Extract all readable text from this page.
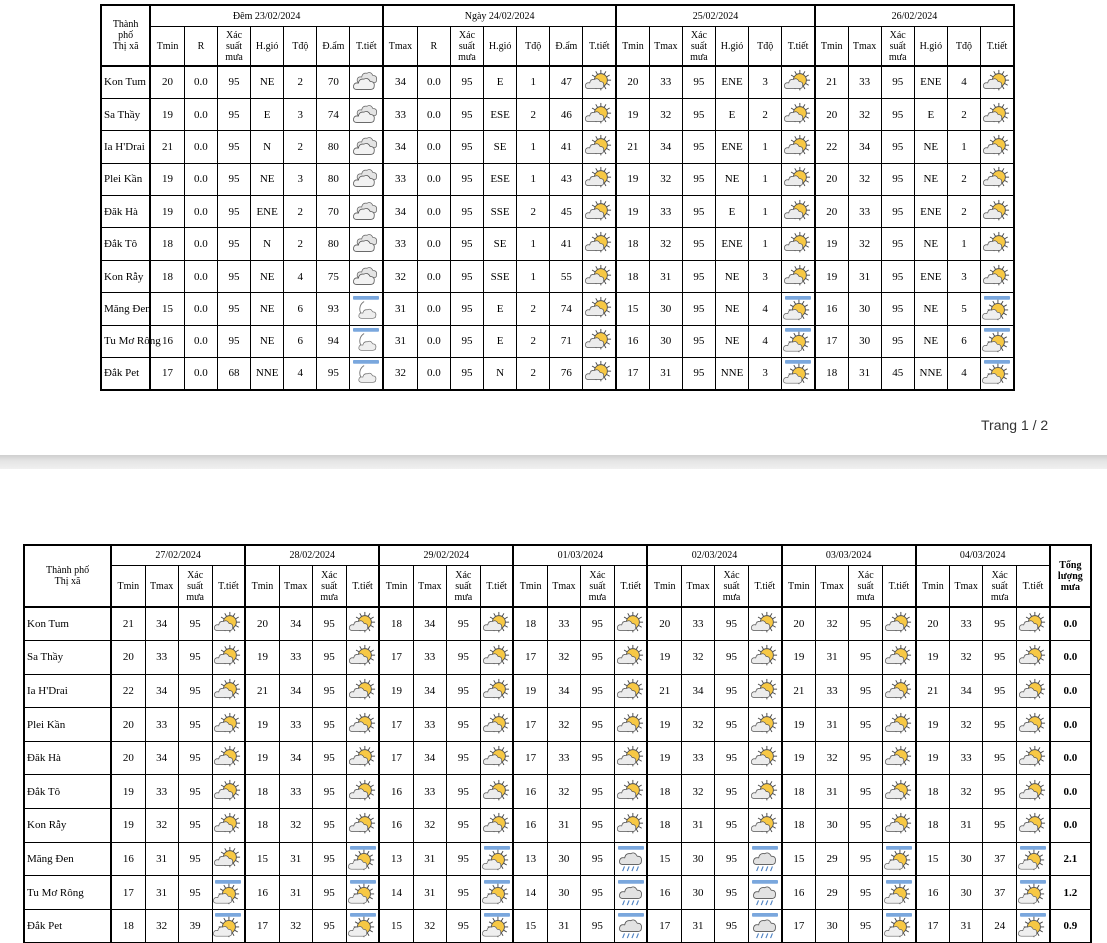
Thành
phố
Thị xã	Đêm 23/02/2024							Ngày 24/02/2024							25/02/2024						26/02/2024					
	Tmin	R	Xác suất mưa	H.gió	Tđộ	Đ.ẩm	T.tiết	Tmax	R	Xác suất mưa	H.gió	Tđộ	Đ.ẩm	T.tiết	Tmin	Tmax	Xác suất mưa	H.gió	Tđộ	T.tiết	Tmin	Tmax	Xác suất mưa	H.gió	Tđộ	T.tiết
Kon Tum	20	0.0	95	NE	2	70		34	0.0	95	E	1	47		20	33	95	ENE	3		21	33	95	ENE	4	

Sa Thầy	19	0.0	95	E	3	74		33	0.0	95	ESE	2	46		19	32	95	E	2		20	32	95	E	2	

Ia H'Drai	21	0.0	95	N	2	80		34	0.0	95	SE	1	41		21	34	95	ENE	1		22	34	95	NE	1	

Plei Kần	19	0.0	95	NE	3	80		33	0.0	95	ESE	1	43		19	32	95	NE	1		20	32	95	NE	2	

Đăk Hà	19	0.0	95	ENE	2	70		34	0.0	95	SSE	2	45		19	33	95	E	1		20	33	95	ENE	2	

Đắk Tô	18	0.0	95	N	2	80		33	0.0	95	SE	1	41		18	32	95	ENE	1		19	32	95	NE	1	

Kon Rẫy	18	0.0	95	NE	4	75		32	0.0	95	SSE	1	55		18	31	95	NE	3		19	31	95	ENE	3	

Măng Đen	15	0.0	95	NE	6	93		31	0.0	95	E	2	74		15	30	95	NE	4		16	30	95	NE	5	

Tu Mơ Rông	16	0.0	95	NE	6	94		31	0.0	95	E	2	71		16	30	95	NE	4		17	30	95	NE	6	

Đắk Pet	17	0.0	68	NNE	4	95		32	0.0	95	N	2	76		17	31	95	NNE	3		18	31	45	NNE	4	
Trang 1 / 2
Thành phố
Thị xã	27/02/2024				28/02/2024				29/02/2024				01/03/2024				02/03/2024				03/03/2024				04/03/2024				Tổng
lượng
mưa
	Tmin	Tmax	Xác suất mưa	T.tiết	Tmin	Tmax	Xác suất mưa	T.tiết	Tmin	Tmax	Xác suất mưa	T.tiết	Tmin	Tmax	Xác suất mưa	T.tiết	Tmin	Tmax	Xác suất mưa	T.tiết	Tmin	Tmax	Xác suất mưa	T.tiết	Tmin	Tmax	Xác suất mưa	T.tiết	
Kon Tum	21	34	95		20	34	95		18	34	95		18	33	95		20	33	95		20	32	95		20	33	95		0.0
Sa Thầy	20	33	95		19	33	95		17	33	95		17	32	95		19	32	95		19	31	95		19	32	95		0.0
Ia H'Drai	22	34	95		21	34	95		19	34	95		19	34	95		21	34	95		21	33	95		21	34	95		0.0
Plei Kần	20	33	95		19	33	95		17	33	95		17	32	95		19	32	95		19	31	95		19	32	95		0.0
Đăk Hà	20	34	95		19	34	95		17	34	95		17	33	95		19	33	95		19	32	95		19	33	95		0.0
Đắk Tô	19	33	95		18	33	95		16	33	95		16	32	95		18	32	95		18	31	95		18	32	95		0.0
Kon Rẫy	19	32	95		18	32	95		16	32	95		16	31	95		18	31	95		18	30	95		18	31	95		0.0
Măng Đen	16	31	95		15	31	95		13	31	95		13	30	95		15	30	95		15	29	95		15	30	37		2.1
Tu Mơ Rông	17	31	95		16	31	95		14	31	95		14	30	95		16	30	95		16	29	95		16	30	37		1.2
Đắk Pet	18	32	39		17	32	95		15	32	95		15	31	95		17	31	95		17	30	95		17	31	24		0.9
